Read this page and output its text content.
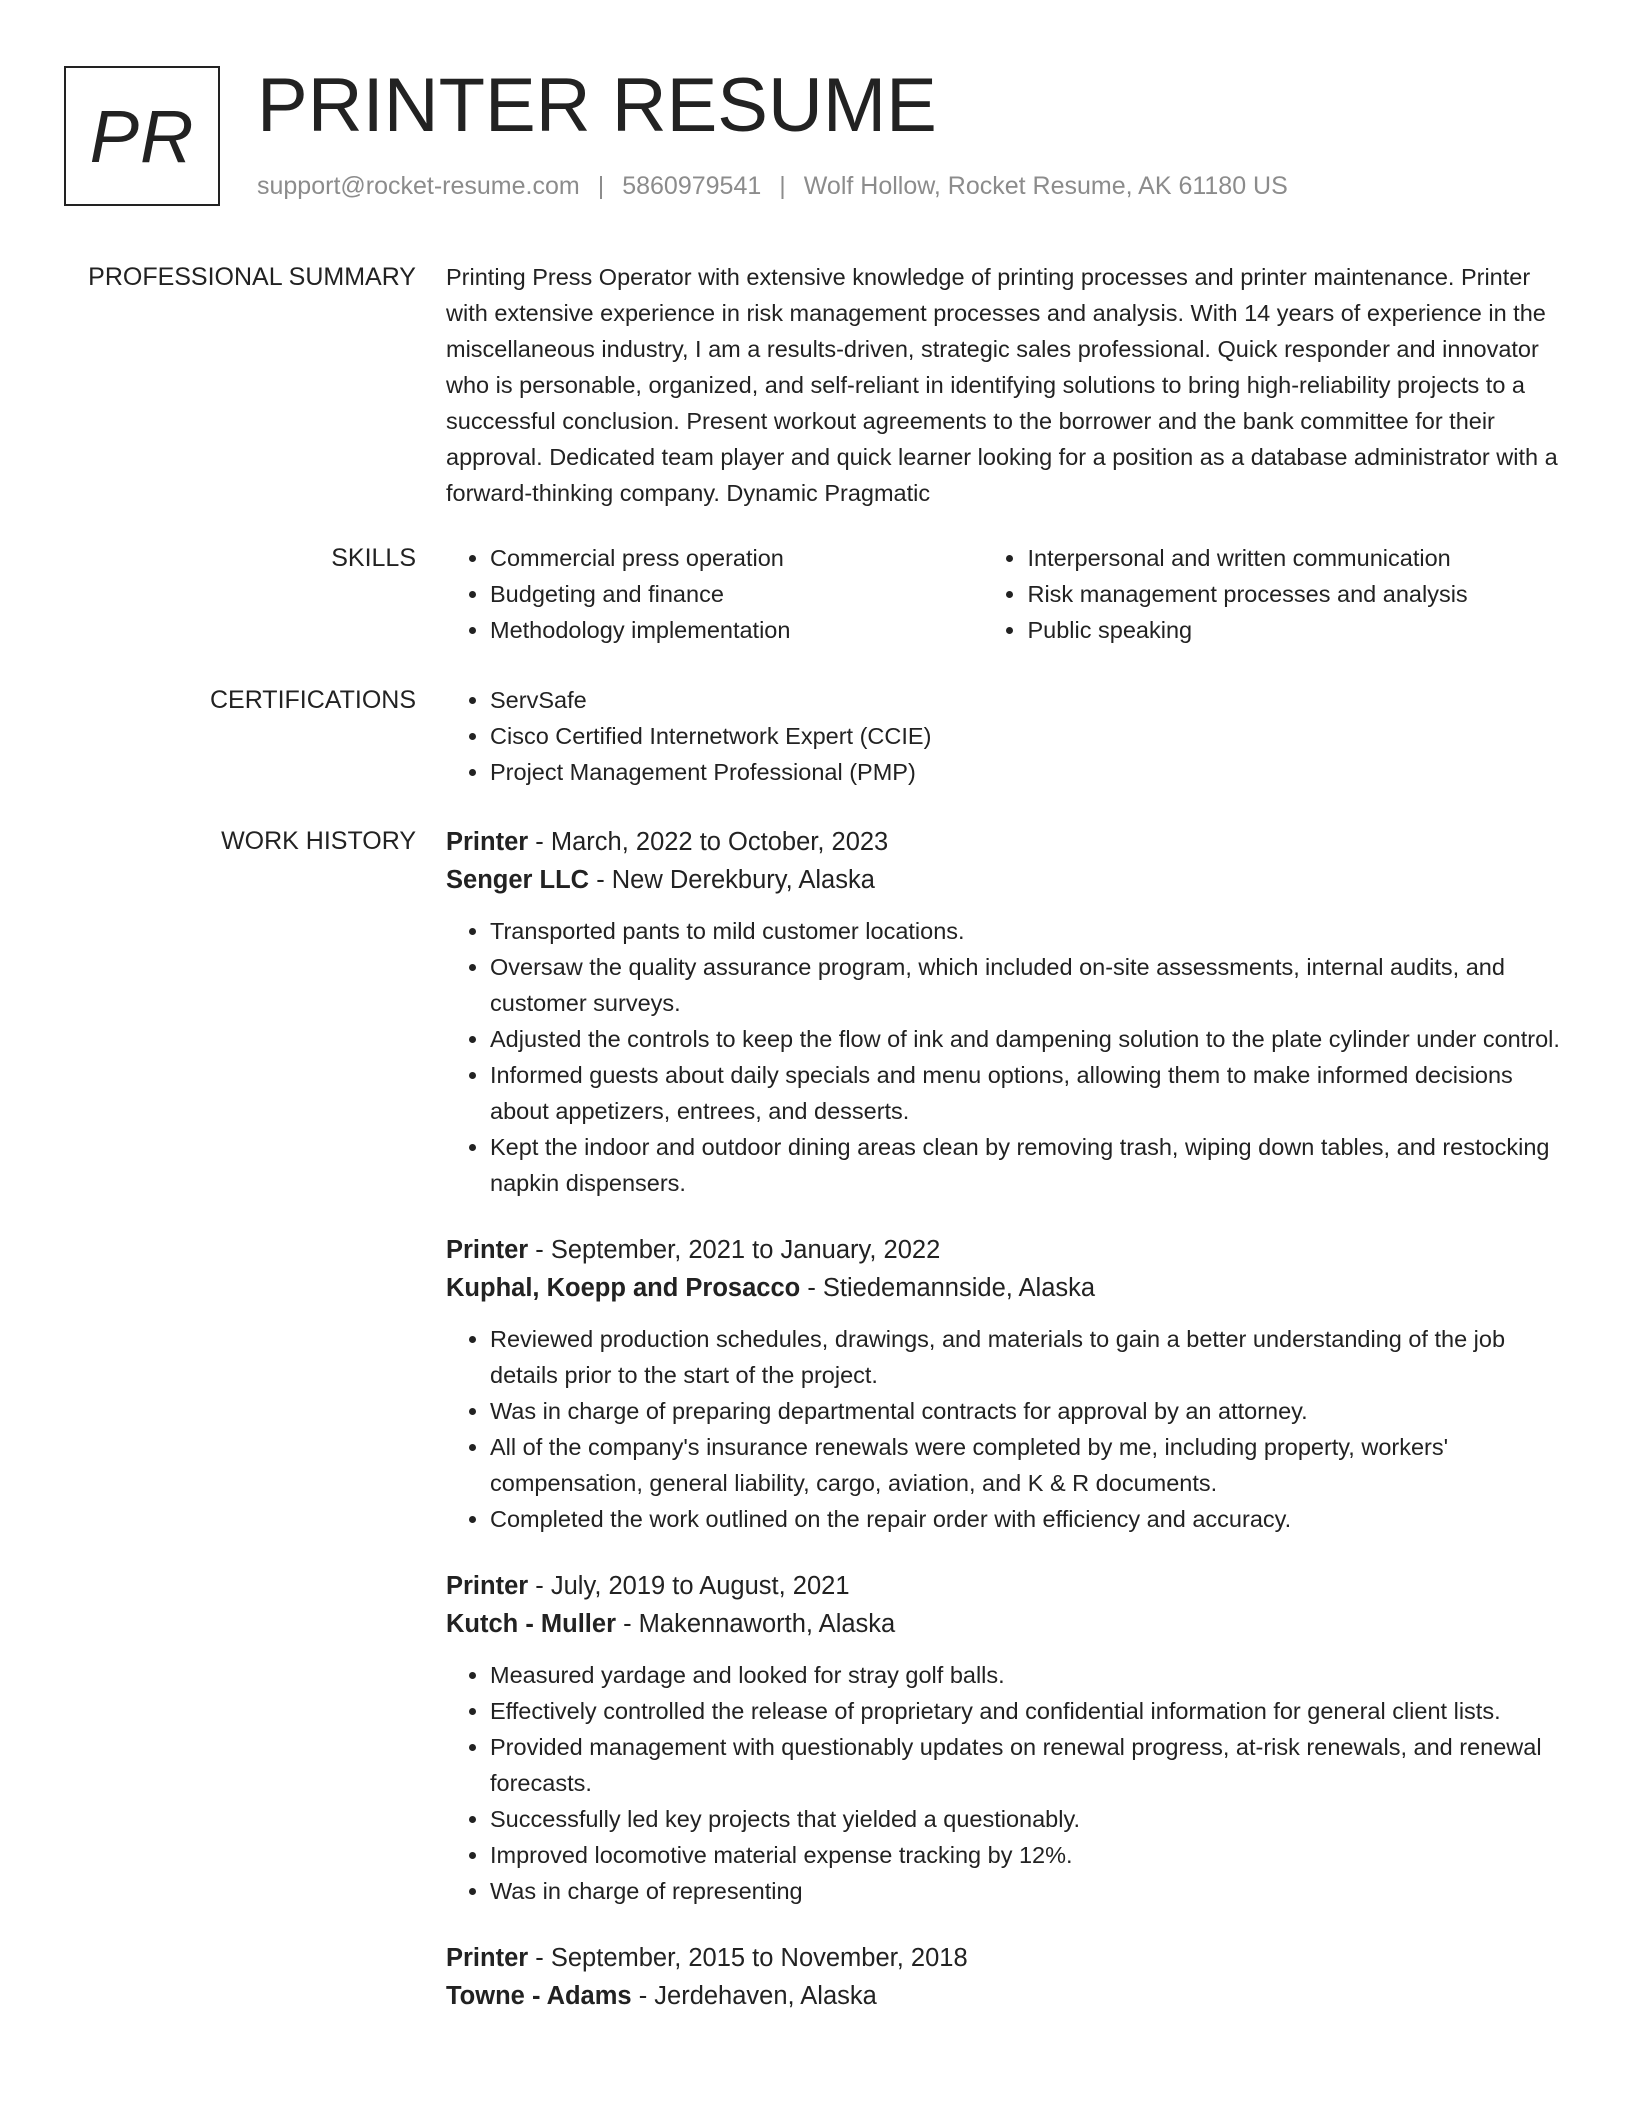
PR PRINTER RESUME
support@rocket-resume.com | 5860979541 | Wolf Hollow, Rocket Resume, AK 61180 US
PROFESSIONAL SUMMARY Printing Press Operator with extensive knowledge of printing processes and printer maintenance. Printer with extensive experience in risk management processes and analysis. With 14 years of experience in the miscellaneous industry, I am a results-driven, strategic sales professional. Quick responder and innovator who is personable, organized, and self-reliant in identifying solutions to bring high-reliability projects to a successful conclusion. Present workout agreements to the borrower and the bank committee for their approval. Dedicated team player and quick learner looking for a position as a database administrator with a forward-thinking company. Dynamic Pragmatic

SKILLS	• Commercial press operation
• Budgeting and finance
• Methodology implementation
• Interpersonal and written communication
• Risk management processes and analysis
• Public speaking
CERTIFICATIONS	• ServSafe
• Cisco Certified Internetwork Expert (CCIE)
• Project Management Professional (PMP)
WORK HISTORY Printer - March, 2022 to October, 2023
Senger LLC - New Derekbury, Alaska
• Transported pants to mild customer locations.
• Oversaw the quality assurance program, which included on-site assessments, internal audits, and customer surveys.
• Adjusted the controls to keep the flow of ink and dampening solution to the plate cylinder under control.
• Informed guests about daily specials and menu options, allowing them to make informed decisions about appetizers, entrees, and desserts.
• Kept the indoor and outdoor dining areas clean by removing trash, wiping down tables, and restocking napkin dispensers.
Printer - September, 2021 to January, 2022
Kuphal, Koepp and Prosacco - Stiedemannside, Alaska
• Reviewed production schedules, drawings, and materials to gain a better understanding of the job details prior to the start of the project.
• Was in charge of preparing departmental contracts for approval by an attorney.
• All of the company's insurance renewals were completed by me, including property, workers' compensation, general liability, cargo, aviation, and K & R documents.
• Completed the work outlined on the repair order with efficiency and accuracy.
Printer - July, 2019 to August, 2021
Kutch - Muller - Makennaworth, Alaska
• Measured yardage and looked for stray golf balls.
• Effectively controlled the release of proprietary and confidential information for general client lists.
• Provided management with questionably updates on renewal progress, at-risk renewals, and renewal forecasts.
• Successfully led key projects that yielded a questionably.
• Improved locomotive material expense tracking by 12%.
• Was in charge of representing
Printer - September, 2015 to November, 2018
Towne - Adams - Jerdehaven, Alaska
